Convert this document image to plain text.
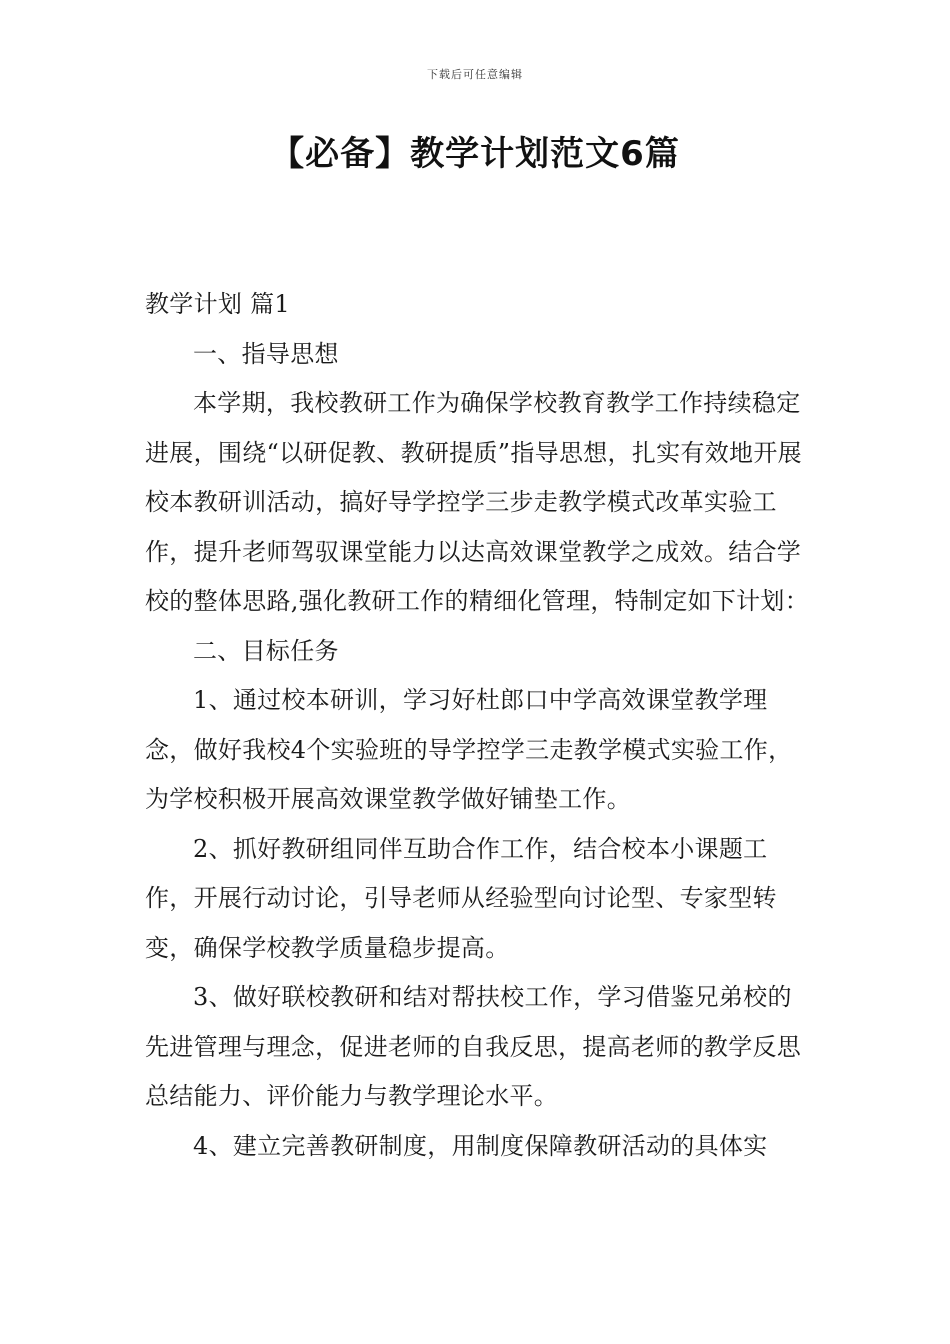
下载后可任意编辑
【必备】教学计划范文6篇

教学计划 篇1

一、指导思想

本学期，我校教研工作为确保学校教育教学工作持续稳定进展，围绕“以研促教、教研提质”指导思想，扎实有效地开展校本教研训活动，搞好导学控学三步走教学模式改革实验工作，提升老师驾驭课堂能力以达高效课堂教学之成效。结合学校的整体思路,强化教研工作的精细化管理，特制定如下计划：

二、目标任务

1、通过校本研训，学习好杜郎口中学高效课堂教学理念，做好我校4个实验班的导学控学三走教学模式实验工作，为学校积极开展高效课堂教学做好铺垫工作。

2、抓好教研组同伴互助合作工作，结合校本小课题工作，开展行动讨论，引导老师从经验型向讨论型、专家型转变，确保学校教学质量稳步提高。

3、做好联校教研和结对帮扶校工作，学习借鉴兄弟校的先进管理与理念，促进老师的自我反思，提高老师的教学反思总结能力、评价能力与教学理论水平。

4、建立完善教研制度，用制度保障教研活动的具体实
